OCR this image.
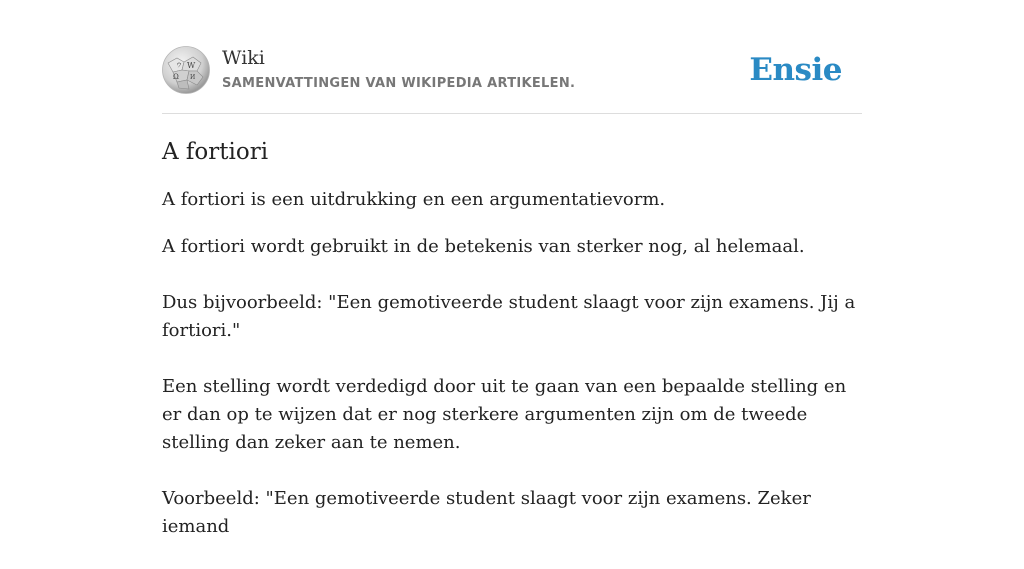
W
Ω И
ウ Wiki
SAMENVATTINGEN VAN WIKIPEDIA ARTIKELEN.	Ensie
A fortiori

A fortiori is een uitdrukking en een argumentatievorm.

A fortiori wordt gebruikt in de betekenis van sterker nog, al helemaal.

Dus bijvoorbeeld: "Een gemotiveerde student slaagt voor zijn examens. Jij a fortiori."

Een stelling wordt verdedigd door uit te gaan van een bepaalde stelling en er dan op te wijzen dat er nog sterkere argumenten zijn om de tweede stelling dan zeker aan te nemen.

Voorbeeld: "Een gemotiveerde student slaagt voor zijn examens. Zeker iemand
